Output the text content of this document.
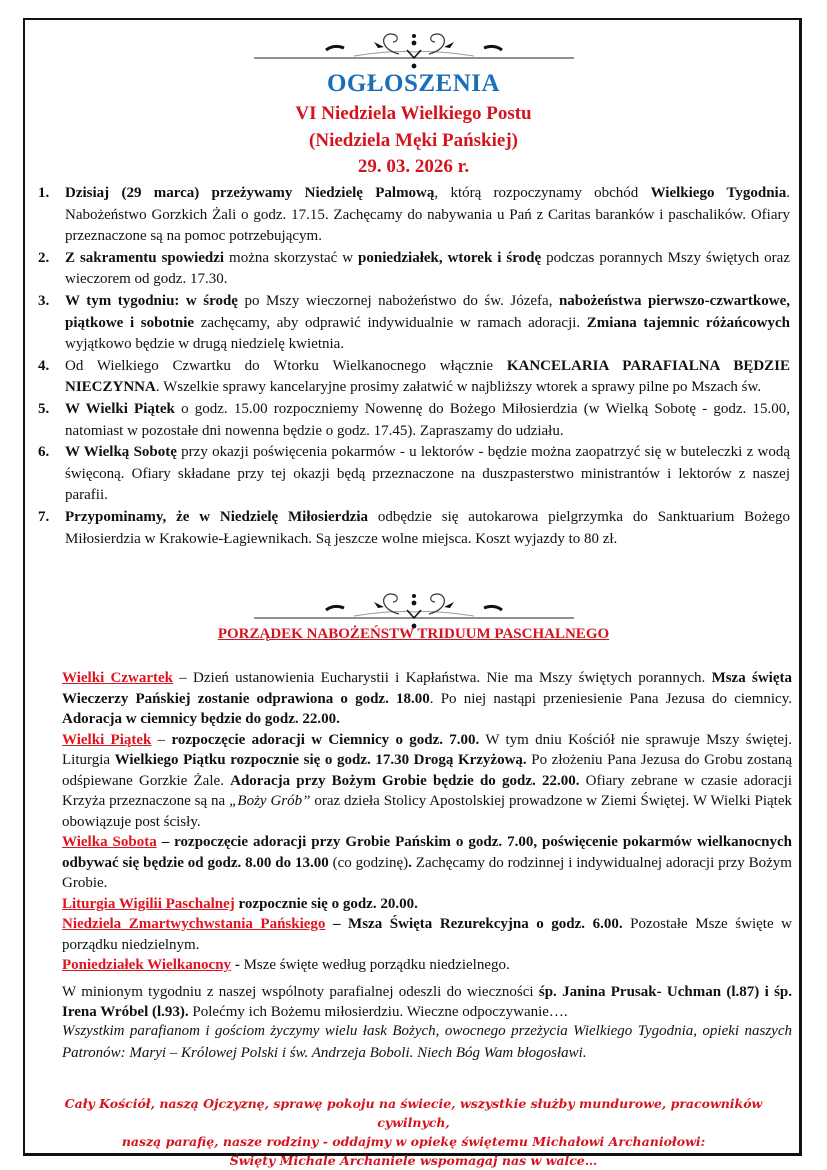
OGŁOSZENIA
VI Niedziela Wielkiego Postu
(Niedziela Męki Pańskiej)
29. 03. 2026 r.
1. Dzisiaj (29 marca) przeżywamy Niedzielę Palmową, którą rozpoczynamy obchód Wielkiego Tygodnia. Nabożeństwo Gorzkich Żali o godz. 17.15. Zachęcamy do nabywania u Pań z Caritas baranków i paschalików. Ofiary przeznaczone są na pomoc potrzebującym.
2. Z sakramentu spowiedzi można skorzystać w poniedziałek, wtorek i środę podczas porannych Mszy świętych oraz wieczorem od godz. 17.30.
3. W tym tygodniu: w środę po Mszy wieczornej nabożeństwo do św. Józefa, nabożeństwa pierwszo-czwartkowe, piątkowe i sobotnie zachęcamy, aby odprawić indywidualnie w ramach adoracji. Zmiana tajemnic różańcowych wyjątkowo będzie w drugą niedzielę kwietnia.
4. Od Wielkiego Czwartku do Wtorku Wielkanocnego włącznie KANCELARIA PARAFIALNA BĘDZIE NIECZYNNA. Wszelkie sprawy kancelaryjne prosimy załatwić w najbliższy wtorek a sprawy pilne po Mszach św.
5. W Wielki Piątek o godz. 15.00 rozpoczniemy Nowennę do Bożego Miłosierdzia (w Wielką Sobotę - godz. 15.00, natomiast w pozostałe dni nowenna będzie o godz. 17.45). Zapraszamy do udziału.
6. W Wielką Sobotę przy okazji poświęcenia pokarmów - u lektorów - będzie można zaopatrzyć się w buteleczki z wodą święconą. Ofiary składane przy tej okazji będą przeznaczone na duszpasterstwo ministrantów i lektorów z naszej parafii.
7. Przypominamy, że w Niedzielę Miłosierdzia odbędzie się autokarowa pielgrzymka do Sanktuarium Bożego Miłosierdzia w Krakowie-Łagiewnikach. Są jeszcze wolne miejsca. Koszt wyjazdy to 80 zł.
PORZĄDEK NABOŻEŃSTW TRIDUUM PASCHALNEGO

Wielki Czwartek – Dzień ustanowienia Eucharystii i Kapłaństwa. Nie ma Mszy świętych porannych. Msza święta Wieczerzy Pańskiej zostanie odprawiona o godz. 18.00. Po niej nastąpi przeniesienie Pana Jezusa do ciemnicy. Adoracja w ciemnicy będzie do godz. 22.00.

Wielki Piątek – rozpoczęcie adoracji w Ciemnicy o godz. 7.00. W tym dniu Kościół nie sprawuje Mszy świętej. Liturgia Wielkiego Piątku rozpocznie się o godz. 17.30 Drogą Krzyżową. Po złożeniu Pana Jezusa do Grobu zostaną odśpiewane Gorzkie Żale. Adoracja przy Bożym Grobie będzie do godz. 22.00. Ofiary zebrane w czasie adoracji Krzyża przeznaczone są na „Boży Grób” oraz dzieła Stolicy Apostolskiej prowadzone w Ziemi Świętej. W Wielki Piątek obowiązuje post ścisły.

Wielka Sobota – rozpoczęcie adoracji przy Grobie Pańskim o godz. 7.00, poświęcenie pokarmów wielkanocnych odbywać się będzie od godz. 8.00 do 13.00 (co godzinę). Zachęcamy do rodzinnej i indywidualnej adoracji przy Bożym Grobie.

Liturgia Wigilii Paschalnej rozpocznie się o godz. 20.00.

Niedziela Zmartwychwstania Pańskiego – Msza Święta Rezurekcyjna o godz. 6.00. Pozostałe Msze święte w porządku niedzielnym.

Poniedziałek Wielkanocny - Msze święte według porządku niedzielnego.

W minionym tygodniu z naszej wspólnoty parafialnej odeszli do wieczności śp. Janina Prusak- Uchman (l.87) i śp. Irena Wróbel (l.93). Polećmy ich Bożemu miłosierdziu. Wieczne odpoczywanie….

Wszystkim parafianom i gościom życzymy wielu łask Bożych, owocnego przeżycia Wielkiego Tygodnia, opieki naszych Patronów: Maryi – Królowej Polski i św. Andrzeja Boboli. Niech Bóg Wam błogosławi.
Cały Kościół, naszą Ojczyznę, sprawę pokoju na świecie, wszystkie służby mundurowe, pracowników cywilnych,
naszą parafię, nasze rodziny - oddajmy w opiekę świętemu Michałowi Archaniołowi:
Święty Michale Archaniele wspomagaj nas w walce…
